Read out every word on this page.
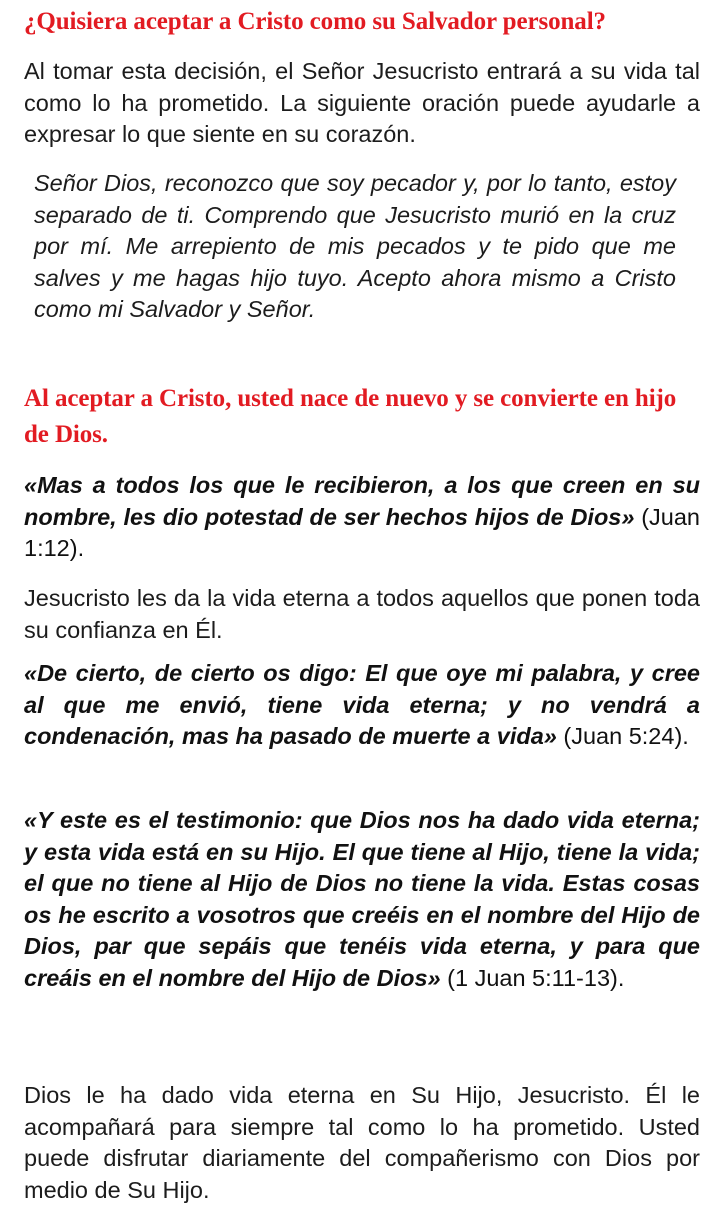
¿Quisiera aceptar a Cristo como su Salvador personal?

Al tomar esta decisión, el Señor Jesucristo entrará a su vida tal como lo ha prometido. La siguiente oración puede ayudarle a expresar lo que siente en su corazón.

Señor Dios, reconozco que soy pecador y, por lo tanto, estoy separado de ti. Comprendo que Jesucristo murió en la cruz por mí. Me arrepiento de mis pecados y te pido que me salves y me hagas hijo tuyo. Acepto ahora mismo a Cristo como mi Salvador y Señor.

Al aceptar a Cristo, usted nace de nuevo y se convierte en hijo de Dios.

«Mas a todos los que le recibieron, a los que creen en su nombre, les dio potestad de ser hechos hijos de Dios» (Juan 1:12).

Jesucristo les da la vida eterna a todos aquellos que ponen toda su confianza en Él.

«De cierto, de cierto os digo: El que oye mi palabra, y cree al que me envió, tiene vida eterna; y no vendrá a condenación, mas ha pasado de muerte a vida» (Juan 5:24).

«Y este es el testimonio: que Dios nos ha dado vida eterna; y esta vida está en su Hijo. El que tiene al Hijo, tiene la vida; el que no tiene al Hijo de Dios no tiene la vida. Estas cosas os he escrito a vosotros que creéis en el nombre del Hijo de Dios, par que sepáis que tenéis vida eterna, y para que creáis en el nombre del Hijo de Dios» (1 Juan 5:11-13).

Dios le ha dado vida eterna en Su Hijo, Jesucristo. Él le acompañará para siempre tal como lo ha prometido. Usted puede disfrutar diariamente del compañerismo con Dios por medio de Su Hijo.
